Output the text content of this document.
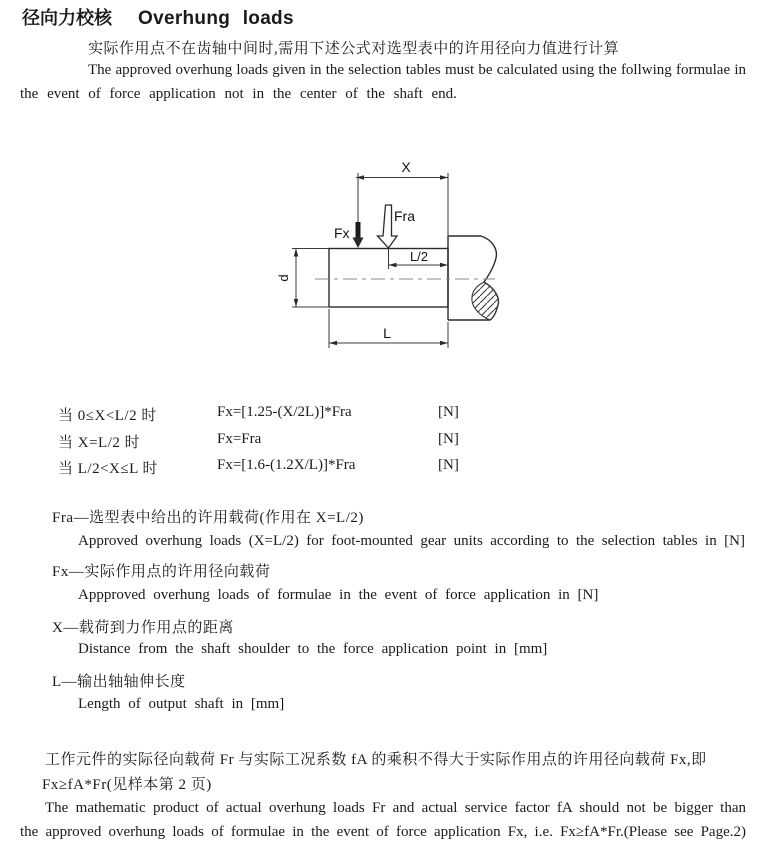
径向力校核 Overhung loads
实际作用点不在齿轴中间时,需用下述公式对选型表中的许用径向力值进行计算
The approved overhung loads given in the selection tables must be calculated using the follwing formulae in
the event of force application not in the center of the shaft end.
X
Fx
Fra
L/2
d
L
当 0≤X<L/2 时	Fx=[1.25-(X/2L)]*Fra	[N]
当 X=L/2 时	Fx=Fra	[N]
当 L/2<X≤L 时	Fx=[1.6-(1.2X/L)]*Fra	[N]
Fra—选型表中给出的许用载荷(作用在 X=L/2)
Approved overhung loads (X=L/2) for foot-mounted gear units according to the selection tables in [N]
Fx—实际作用点的许用径向载荷
Appproved overhung loads of formulae in the event of force application in [N]
X—载荷到力作用点的距离
Distance from the shaft shoulder to the force application point in [mm]
L—输出轴轴伸长度
Length of output shaft in [mm]
工作元件的实际径向载荷 Fr 与实际工况系数 fA 的乘积不得大于实际作用点的许用径向载荷 Fx,即
Fx≥fA*Fr(见样本第 2 页)
The mathematic product of actual overhung loads Fr and actual service factor fA should not be bigger than
the approved overhung loads of formulae in the event of force application Fx, i.e. Fx≥fA*Fr.(Please see Page.2)
